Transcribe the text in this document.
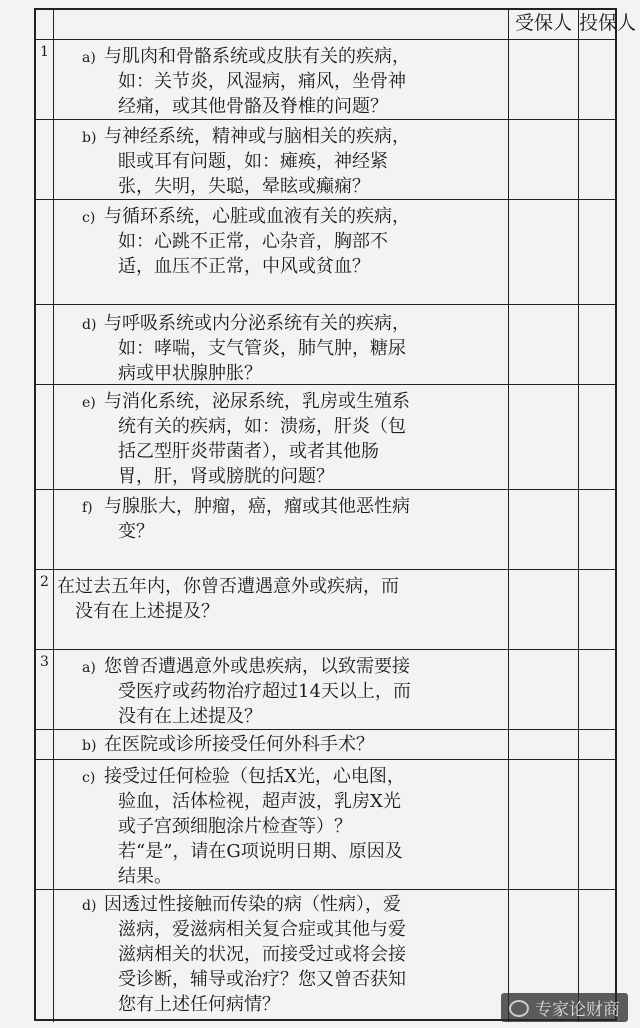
受保人 投保人
1	a) 与肌肉和骨骼系统或皮肤有关的疾病，
如：关节炎，风湿病，痛风，坐骨神
经痛，或其他骨骼及脊椎的问题？
b) 与神经系统，精神或与脑相关的疾病，
眼或耳有问题，如：瘫痪，神经紧
张，失明，失聪，晕眩或癫痫？
c) 与循环系统，心脏或血液有关的疾病，
如：心跳不正常，心杂音，胸部不
适，血压不正常，中风或贫血？
d) 与呼吸系统或内分泌系统有关的疾病，
如：哮喘，支气管炎，肺气肿，糖尿
病或甲状腺肿胀？
e) 与消化系统，泌尿系统，乳房或生殖系
统有关的疾病，如：溃疡，肝炎（包
括乙型肝炎带菌者），或者其他肠
胃，肝，肾或膀胱的问题？
f) 与腺胀大，肿瘤，癌，瘤或其他恶性病
变？
2 在过去五年内，你曾否遭遇意外或疾病，而
没有在上述提及？
3	a) 您曾否遭遇意外或患疾病，以致需要接
受医疗或药物治疗超过14天以上，而
没有在上述提及？
b) 在医院或诊所接受任何外科手术？
c) 接受过任何检验（包括X光，心电图，
验血，活体检视，超声波，乳房X光
或子宫颈细胞涂片检查等）？
若“是”，请在G项说明日期、原因及
结果。
d) 因透过性接触而传染的病（性病），爱
滋病，爱滋病相关复合症或其他与爱
滋病相关的状况，而接受过或将会接
受诊断，辅导或治疗？您又曾否获知
您有上述任何病情？	专家论财商
